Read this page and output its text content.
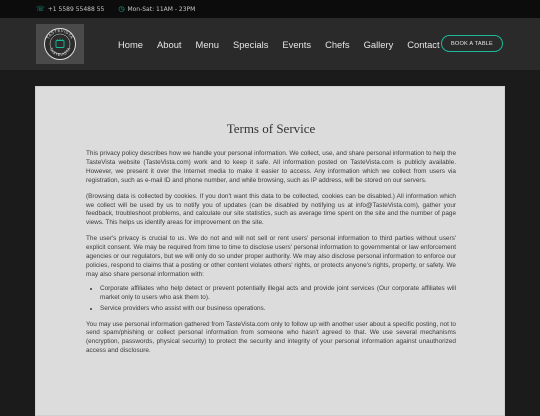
☏ +1 5589 55488 55 ◷ Mon-Sat: 11AM - 23PM
TASTEVISTA
TASTEVISTA	Home About Menu Specials Events Chefs Gallery Contact	BOOK A TABLE
Terms of Service

This privacy policy describes how we handle your personal information. We collect, use, and share personal information to help the TasteVista website (TasteVista.com) work and to keep it safe. All information posted on TasteVista.com is publicly available. However, we present it over the Internet media to make it easier to access. Any information which we collect from users via registration, such as e-mail ID and phone number, and while browsing, such as IP address, will be stored on our servers.

(Browsing data is collected by cookies. If you don't want this data to be collected, cookies can be disabled.) All information which we collect will be used by us to notify you of updates (can be disabled by notifying us at info@TasteVista.com), gather your feedback, troubleshoot problems, and calculate our site statistics, such as average time spent on the site and the number of page views. This helps us identify areas for improvement on the site.

The user's privacy is crucial to us. We do not and will not sell or rent users' personal information to third parties without users' explicit consent. We may be required from time to time to disclose users' personal information to governmental or law enforcement agencies or our regulators, but we will only do so under proper authority. We may also disclose personal information to enforce our policies, respond to claims that a posting or other content violates others' rights, or protects anyone's rights, property, or safety. We may also share personal information with:

• Corporate affiliates who help detect or prevent potentially illegal acts and provide joint services (Our corporate affiliates will market only to users who ask them to).
• Service providers who assist with our business operations.

You may use personal information gathered from TasteVista.com only to follow up with another user about a specific posting, not to send spam/phishing or collect personal information from someone who hasn't agreed to that. We use several mechanisms (encryption, passwords, physical security) to protect the security and integrity of your personal information against unauthorized access and disclosure.
